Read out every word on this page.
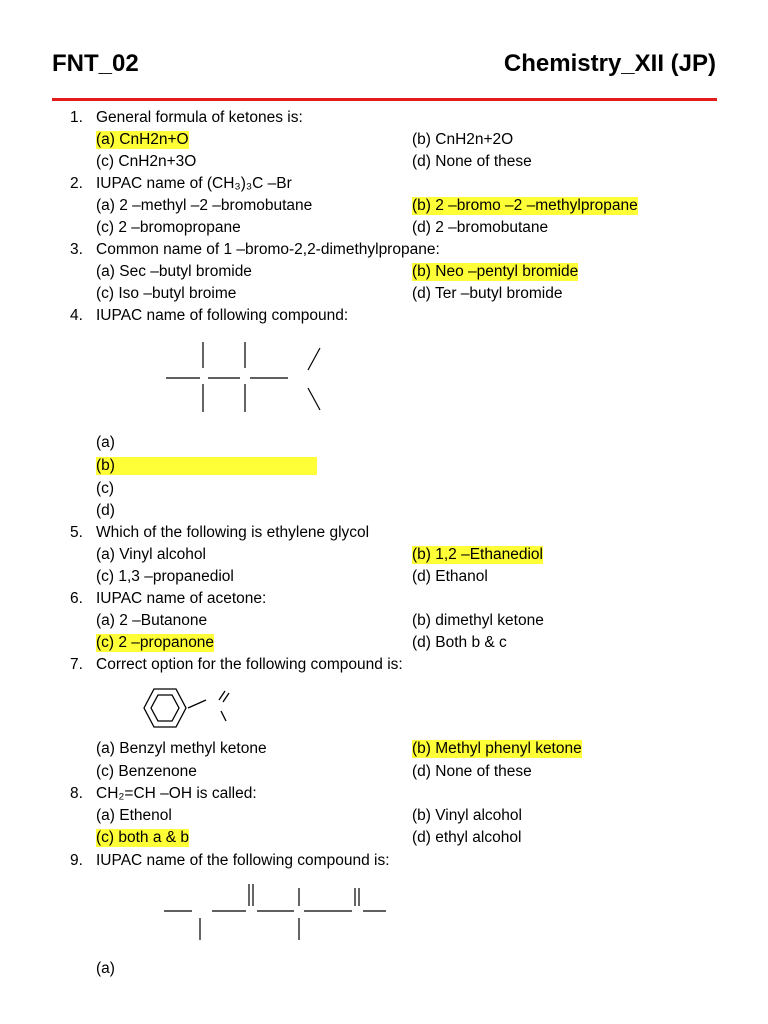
FNT_02	Chemistry_XII (JP)
1. General formula of ketones is:
(a) CnH2n+O	(b) CnH2n+2O
(c) CnH2n+3O	(d) None of these
2. IUPAC name of (CH₃)₃C –Br
(a) 2 –methyl –2 –bromobutane	(b) 2 –bromo –2 –methylpropane
(c) 2 –bromopropane	(d) 2 –bromobutane
3. Common name of 1 –bromo-2,2-dimethylpropane:
(a) Sec –butyl bromide	(b) Neo –pentyl bromide
(c) Iso –butyl broime	(d) Ter –butyl bromide
4. IUPAC name of following compound:
(a)
(b)
(c)
(d)
5. Which of the following is ethylene glycol
(a) Vinyl alcohol	(b) 1,2 –Ethanediol
(c) 1,3 –propanediol	(d) Ethanol
6. IUPAC name of acetone:
(a) 2 –Butanone	(b) dimethyl ketone
(c) 2 –propanone	(d) Both b & c
7. Correct option for the following compound is:
(a) Benzyl methyl ketone	(b) Methyl phenyl ketone
(c) Benzenone	(d) None of these
8. CH₂=CH –OH is called:
(a) Ethenol	(b) Vinyl alcohol
(c) both a & b	(d) ethyl alcohol
9. IUPAC name of the following compound is:
(a)
